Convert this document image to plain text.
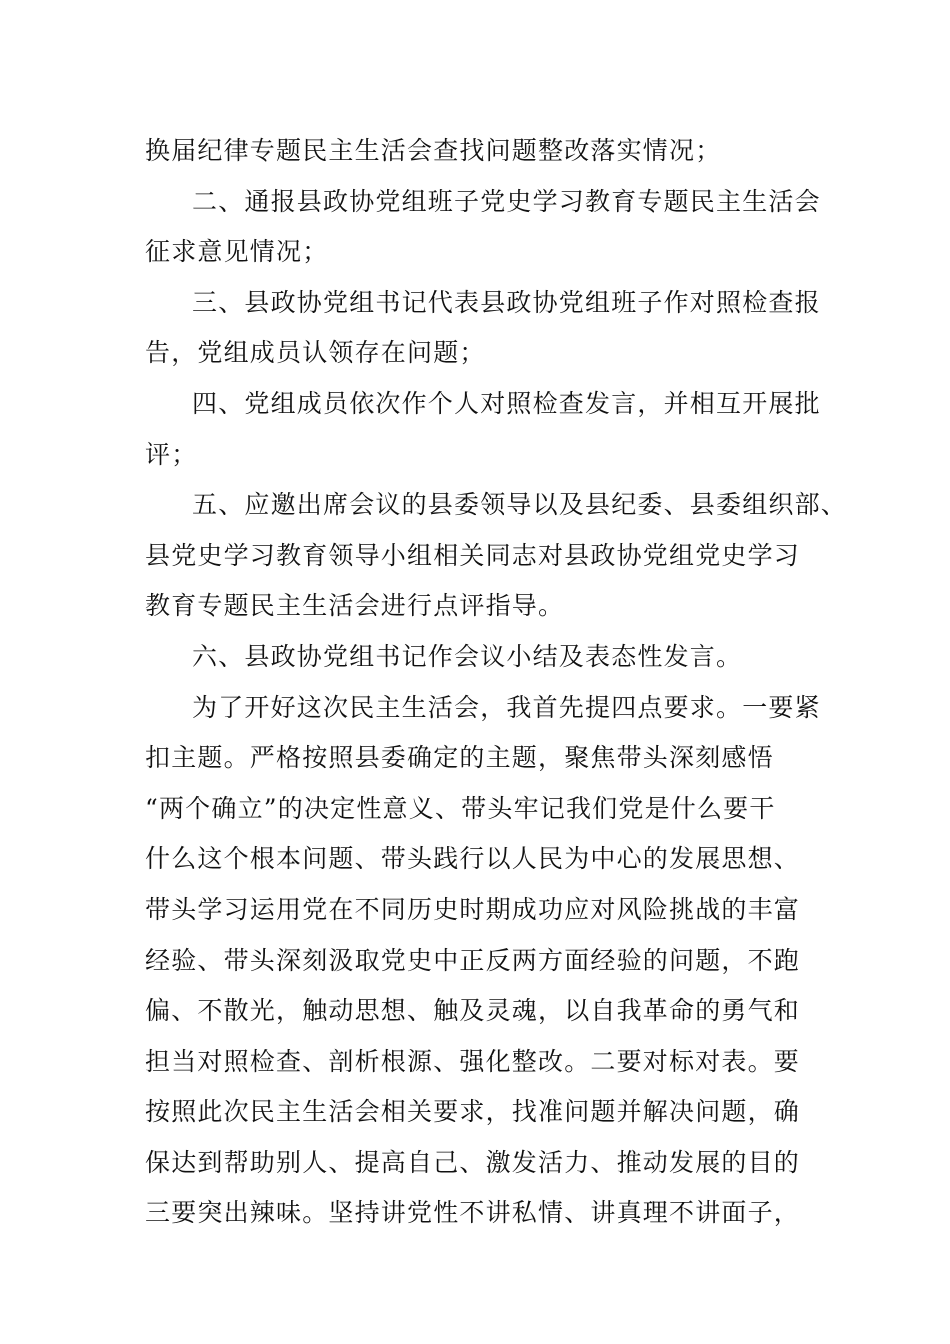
换届纪律专题民主生活会查找问题整改落实情况；
二、通报县政协党组班子党史学习教育专题民主生活会
征求意见情况；
三、县政协党组书记代表县政协党组班子作对照检查报
告，党组成员认领存在问题；
四、党组成员依次作个人对照检查发言，并相互开展批
评；
五、应邀出席会议的县委领导以及县纪委、县委组织部、
县党史学习教育领导小组相关同志对县政协党组党史学习
教育专题民主生活会进行点评指导。
六、县政协党组书记作会议小结及表态性发言。
为了开好这次民主生活会，我首先提四点要求。一要紧
扣主题。严格按照县委确定的主题，聚焦带头深刻感悟
“两个确立”的决定性意义、带头牢记我们党是什么要干
什么这个根本问题、带头践行以人民为中心的发展思想、
带头学习运用党在不同历史时期成功应对风险挑战的丰富
经验、带头深刻汲取党史中正反两方面经验的问题，不跑
偏、不散光，触动思想、触及灵魂，以自我革命的勇气和
担当对照检查、剖析根源、强化整改。二要对标对表。要
按照此次民主生活会相关要求，找准问题并解决问题，确
保达到帮助别人、提高自己、激发活力、推动发展的目的
三要突出辣味。坚持讲党性不讲私情、讲真理不讲面子，
